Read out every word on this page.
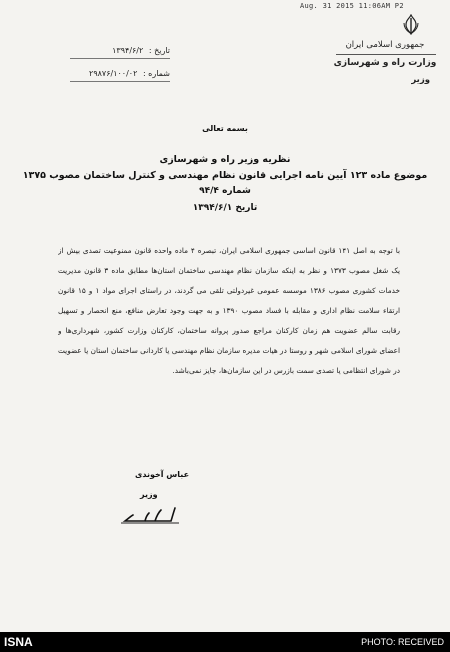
Aug. 31 2015 11:06AM P2
جمهوری اسلامی ایران
وزارت راه و شهرسازی
وزیر
تاریخ : ۱۳۹۴/۶/۲
شماره : ۲۹۸۷۶/۱۰۰/۰۲
بسمه تعالی
نظریه وزیر راه و شهرسازی
موضوع ماده ۱۲۳ آیین نامه اجرایی قانون نظام مهندسی و کنترل ساختمان مصوب ۱۳۷۵
شماره ۹۴/۴
تاریخ ۱۳۹۴/۶/۱
با توجه به اصل ۱۴۱ قانون اساسی جمهوری اسلامی ایران، تبصره ۴ ماده واحده قانون ممنوعیت تصدی بیش از
یک شغل مصوب ۱۳۷۳ و نظر به اینکه سازمان نظام مهندسی ساختمان استان‌ها مطابق ماده ۳ قانون مدیریت
خدمات کشوری مصوب ۱۳۸۶ موسسه عمومی غیردولتی تلقی می گردند، در راستای اجرای مواد ۱ و ۱۵ قانون
ارتقاء سلامت نظام اداری و مقابله با فساد مصوب ۱۳۹۰ و به جهت وجود تعارض منافع، منع انحصار و تسهیل
رقابت سالم عضویت هم زمان کارکنان مراجع صدور پروانه ساختمان، کارکنان وزارت کشور، شهرداری‌ها و
اعضای شورای اسلامی شهر و روستا در هیات مدیره سازمان نظام مهندسی یا کاردانی ساختمان استان یا عضویت
در شورای انتظامی یا تصدی سمت بازرس در این سازمان‌ها، جایز نمی‌باشد.
عباس آخوندی
وزیر
ISNA	PHOTO: RECEIVED
